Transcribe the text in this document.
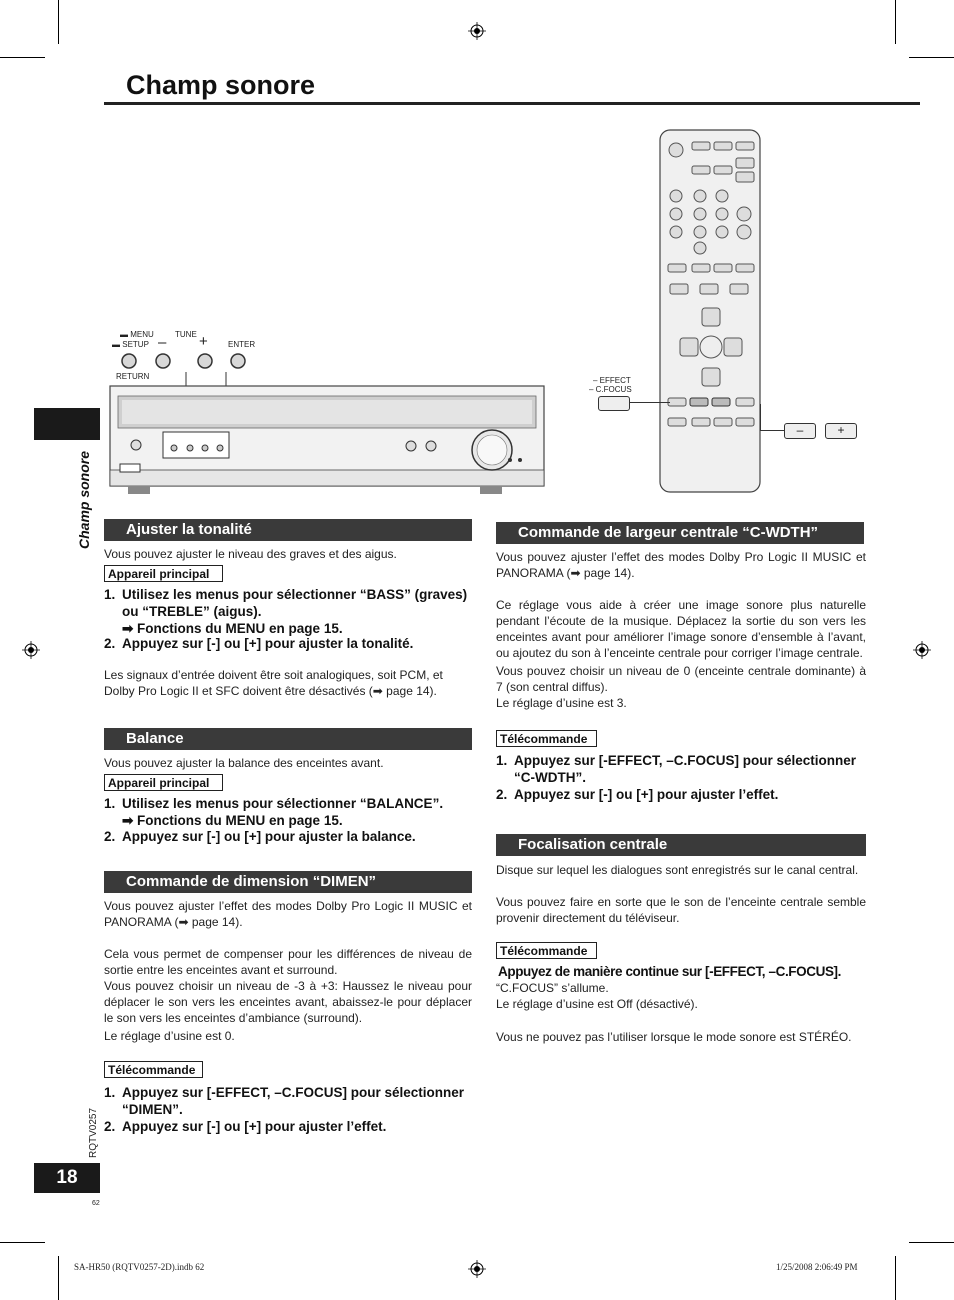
Champ sonore
Champ sonore
RQTV0257
18
62
▬ MENU
▬ SETUP
TUNE
– +	ENTER
RETURN	– EFFECT
– C.FOCUS
–	+
Ajuster la tonalité
Vous pouvez ajuster le niveau des graves et des aigus.
Appareil principal
1. Utilisez les menus pour sélectionner “BASS” (graves) ou “TREBLE” (aigus).
➡ Fonctions du MENU en page 15.
2. Appuyez sur [-] ou [+] pour ajuster la tonalité.
Les signaux d’entrée doivent être soit analogiques, soit PCM, et Dolby Pro Logic II et SFC doivent être désactivés (➡ page 14).
Balance
Vous pouvez ajuster la balance des enceintes avant.
Appareil principal
1. Utilisez les menus pour sélectionner “BALANCE”.
➡ Fonctions du MENU en page 15.
2. Appuyez sur [-] ou [+] pour ajuster la balance.
Commande de dimension “DIMEN”
Vous pouvez ajuster l’effet des modes Dolby Pro Logic II MUSIC et PANORAMA (➡ page 14).
Cela vous permet de compenser pour les différences de niveau de sortie entre les enceintes avant et surround.
Vous pouvez choisir un niveau de -3 à +3: Haussez le niveau pour déplacer le son vers les enceintes avant, abaissez-le pour déplacer le son vers les enceintes d’ambiance (surround).
Le réglage d’usine est 0.
Télécommande
1. Appuyez sur [-EFFECT, –C.FOCUS] pour sélectionner “DIMEN”.
2. Appuyez sur [-] ou [+] pour ajuster l’effet.
Commande de largeur centrale “C-WDTH”
Vous pouvez ajuster l’effet des modes Dolby Pro Logic II MUSIC et PANORAMA (➡ page 14).
Ce réglage vous aide à créer une image sonore plus naturelle pendant l’écoute de la musique. Déplacez la sortie du son vers les enceintes avant pour améliorer l’image sonore d’ensemble à l’avant, ou ajoutez du son à l’enceinte centrale pour corriger l’image centrale.
Vous pouvez choisir un niveau de 0 (enceinte centrale dominante) à 7 (son central diffus).
Le réglage d’usine est 3.
Télécommande
1. Appuyez sur [-EFFECT, –C.FOCUS] pour sélectionner “C-WDTH”.
2. Appuyez sur [-] ou [+] pour ajuster l’effet.
Focalisation centrale
Disque sur lequel les dialogues sont enregistrés sur le canal central.
Vous pouvez faire en sorte que le son de l’enceinte centrale semble provenir directement du téléviseur.
Télécommande
Appuyez de manière continue sur [-EFFECT, –C.FOCUS].
“C.FOCUS” s’allume.
Le réglage d’usine est Off (désactivé).
Vous ne pouvez pas l’utiliser lorsque le mode sonore est STÉRÉO.
SA-HR50 (RQTV0257-2D).indb 62	1/25/2008 2:06:49 PM
